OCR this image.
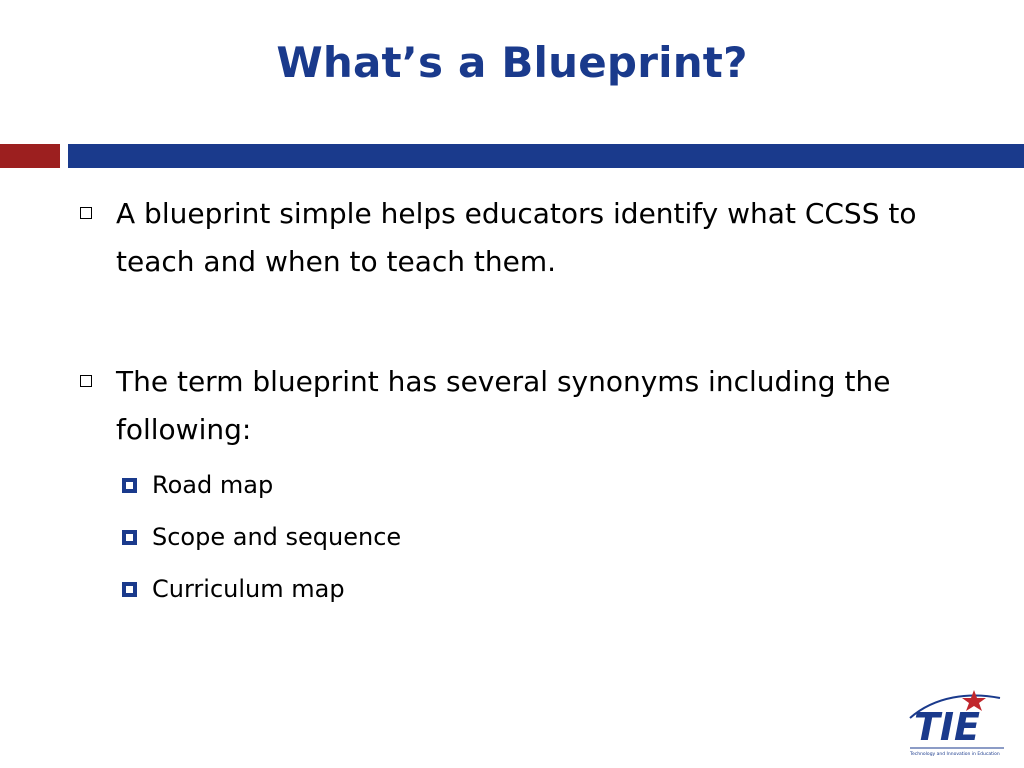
What’s a Blueprint?
A blueprint simple helps educators identify what CCSS to teach and when to teach them.
The term blueprint has several synonyms including the following:
Road map
Scope and sequence
Curriculum map
TIE
Technology and Innovation in Education
